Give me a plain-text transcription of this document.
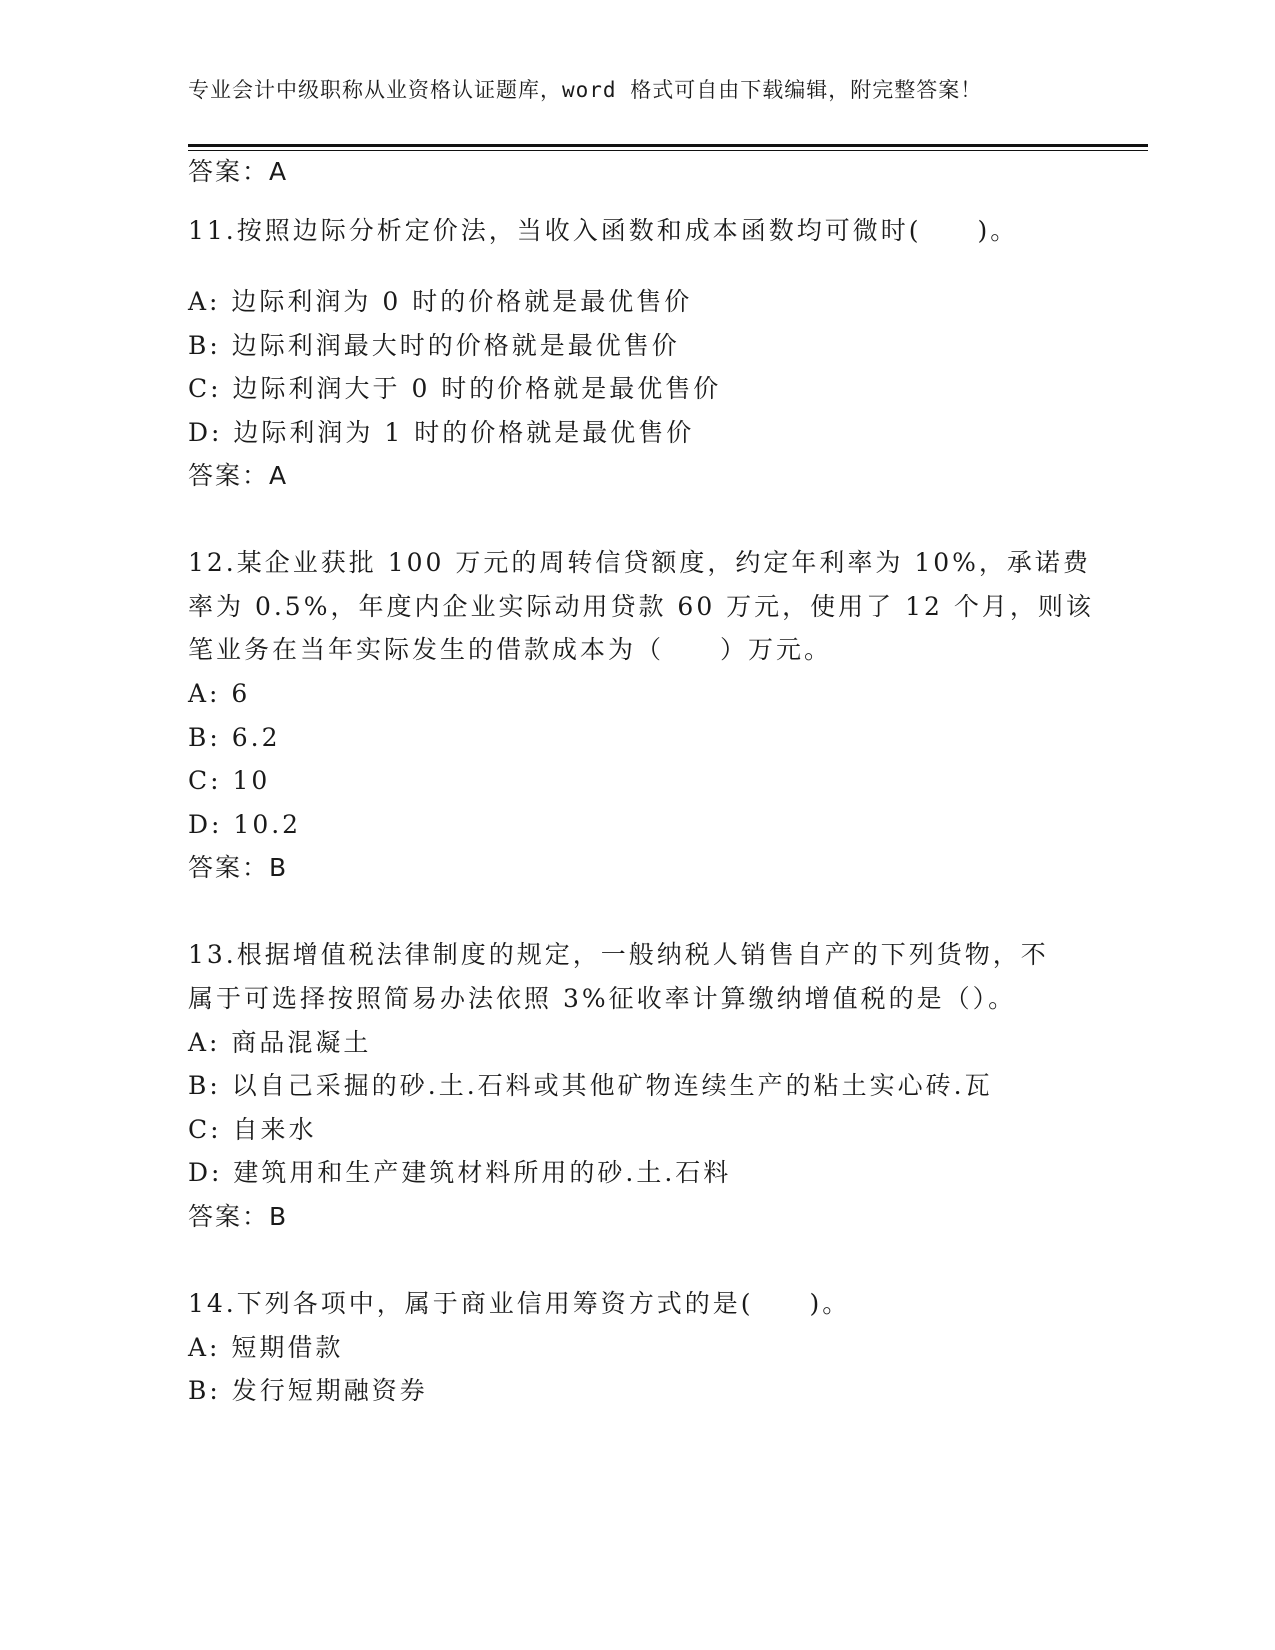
专业会计中级职称从业资格认证题库，word 格式可自由下载编辑，附完整答案！
答案：A
11.按照边际分析定价法，当收入函数和成本函数均可微时(　　)。
A: 边际利润为 0 时的价格就是最优售价
B: 边际利润最大时的价格就是最优售价
C: 边际利润大于 0 时的价格就是最优售价
D: 边际利润为 1 时的价格就是最优售价
答案：A
12.某企业获批 100 万元的周转信贷额度，约定年利率为 10%，承诺费
率为 0.5%，年度内企业实际动用贷款 60 万元，使用了 12 个月，则该
笔业务在当年实际发生的借款成本为（　　）万元。
A: 6
B: 6.2
C: 10
D: 10.2
答案：B
13.根据增值税法律制度的规定，一般纳税人销售自产的下列货物，不
属于可选择按照简易办法依照 3%征收率计算缴纳增值税的是（）。
A: 商品混凝土
B: 以自己采掘的砂.土.石料或其他矿物连续生产的粘土实心砖.瓦
C: 自来水
D: 建筑用和生产建筑材料所用的砂.土.石料
答案：B
14.下列各项中，属于商业信用筹资方式的是(　　)。
A: 短期借款
B: 发行短期融资券
